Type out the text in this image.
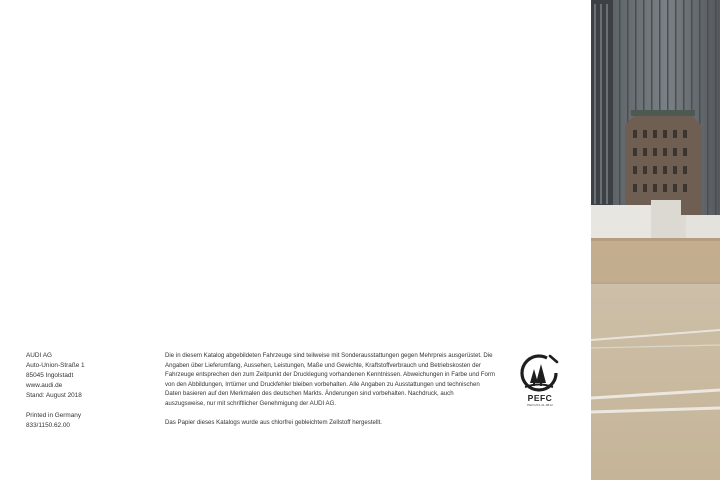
AUDI AG
Auto-Union-Straße 1
85045 Ingolstadt
www.audi.de
Stand: August 2018
Printed in Germany
833/1150.62.00

Die in diesem Katalog abgebildeten Fahrzeuge sind teilweise mit Sonderausstattungen gegen Mehrpreis ausgerüstet. Die Angaben über Lieferumfang, Aussehen, Leistungen, Maße und Gewichte, Kraftstoffverbrauch und Betriebskosten der Fahrzeuge entsprechen den zum Zeitpunkt der Drucklegung vorhandenen Kenntnissen. Abweichungen in Farbe und Form von den Abbildungen, Irrtümer und Druckfehler bleiben vorbehalten. Alle Angaben zu Ausstattungen und technischen Daten basieren auf den Merkmalen des deutschen Markts. Änderungen sind vorbehalten. Nachdruck, auch auszugsweise, nur mit schriftlicher Genehmigung der AUDI AG.

Das Papier dieses Katalogs wurde aus chlorfrei gebleichtem Zellstoff hergestellt.

PEFC
PEFC/04-31-0812
